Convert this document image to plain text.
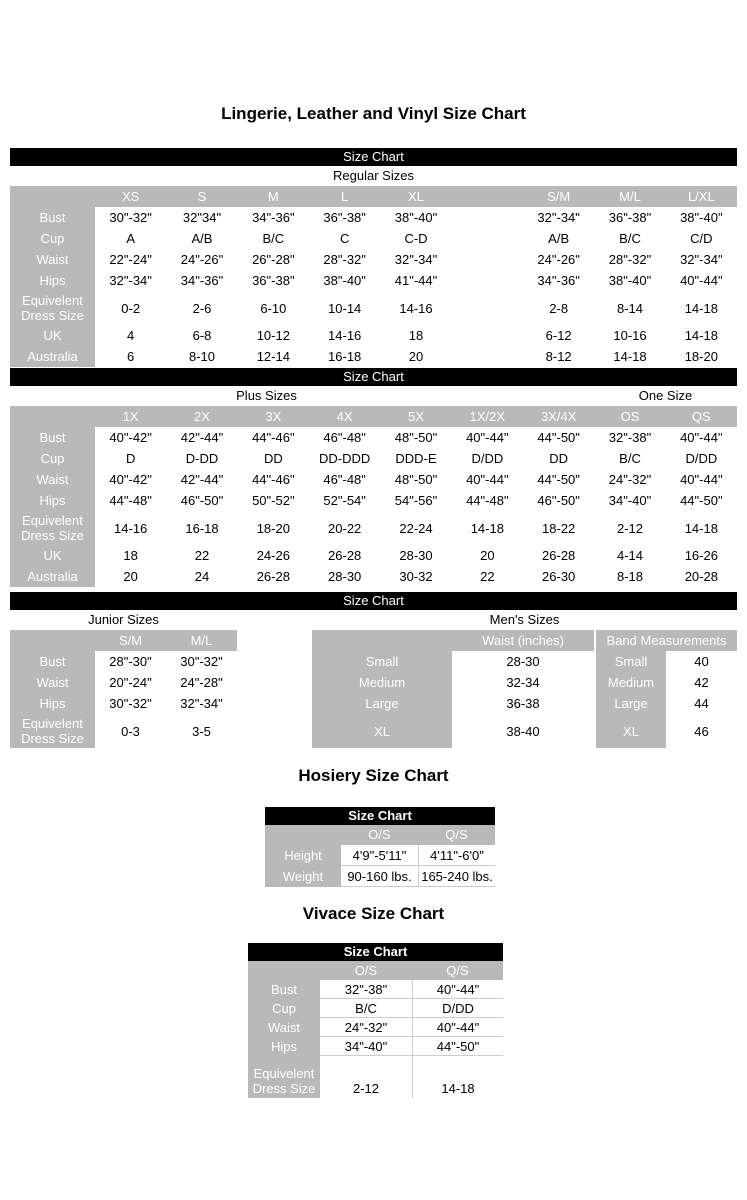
Lingerie, Leather and Vinyl Size Chart
Size Chart
Regular Sizes
XS	S	M	L	XL	S/M	M/L	L/XL
Bust	30"-32"	32"34"	34"-36"	36"-38"	38"-40"	32"-34"	36"-38"	38"-40"
Cup	A	A/B	B/C	C	C-D	A/B	B/C	C/D
Waist	22"-24"	24"-26"	26"-28"	28"-32"	32"-34"	24"-26"	28"-32"	32"-34"
Hips	32"-34"	34"-36"	36"-38"	38"-40"	41"-44"	34"-36"	38"-40"	40"-44"
Equivelent Dress Size	0-2	2-6	6-10	10-14	14-16	2-8	8-14	14-18
UK	4	6-8	10-12	14-16	18	6-12	10-16	14-18
Australia	6	8-10	12-14	16-18	20	8-12	14-18	18-20
Size Chart
Plus Sizes	One Size
1X	2X	3X	4X	5X	1X/2X	3X/4X	OS	QS
Bust	40"-42"	42"-44"	44"-46"	46"-48"	48"-50"	40"-44"	44"-50"	32"-38"	40"-44"
Cup	D	D-DD	DD	DD-DDD	DDD-E	D/DD	DD	B/C	D/DD
Waist	40"-42"	42"-44"	44"-46"	46"-48"	48"-50"	40"-44"	44"-50"	24"-32"	40"-44"
Hips	44"-48"	46"-50"	50"-52"	52"-54"	54"-56"	44"-48"	46"-50"	34"-40"	44"-50"
Equivelent Dress Size	14-16	16-18	18-20	20-22	22-24	14-18	18-22	2-12	14-18
UK	18	22	24-26	26-28	28-30	20	26-28	4-14	16-26
Australia	20	24	26-28	28-30	30-32	22	26-30	8-18	20-28
Size Chart
Junior Sizes	Men's Sizes
S/M	M/L
Bust	28"-30"	30"-32"
Waist	20"-24"	24"-28"
Hips	30"-32"	32"-34"
Equivelent Dress Size	0-3	3-5
Waist (inches)	Band Measurements
Small	28-30	Small	40
Medium	32-34	Medium	42
Large	36-38	Large	44
XL	38-40	XL	46
Hosiery Size Chart
Size Chart
O/S	Q/S
Height	4'9"-5'11"	4'11"-6'0"
Weight	90-160 lbs. 165-240 lbs.
Vivace Size Chart
Size Chart
O/S	Q/S
Bust	32"-38"	40"-44"
Cup	B/C	D/DD
Waist	24"-32"	40"-44"
Hips	34"-40"	44"-50"
Equivelent Dress Size	2-12	14-18
